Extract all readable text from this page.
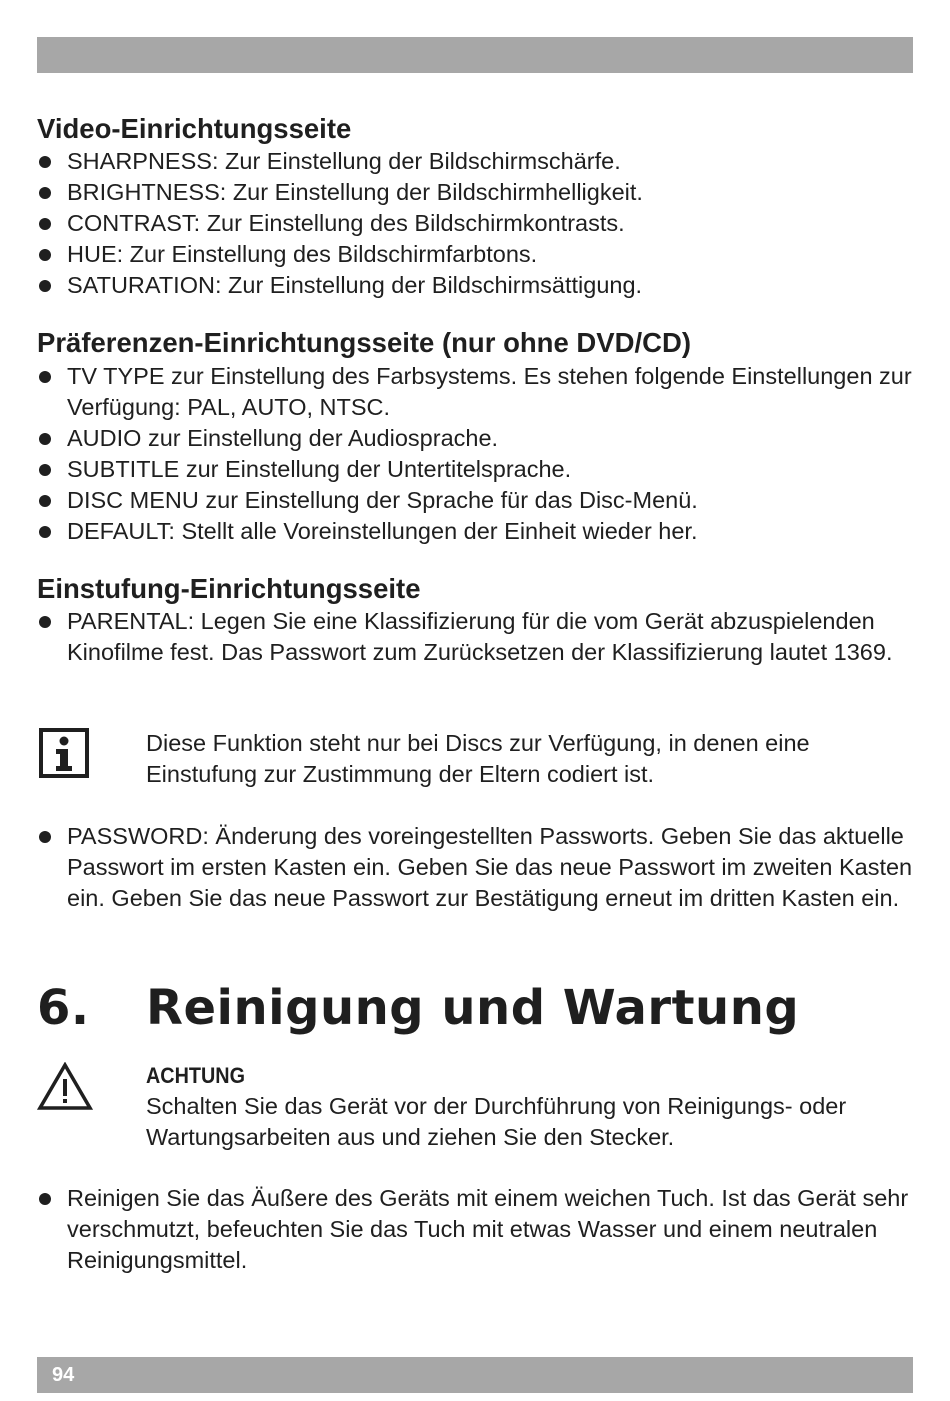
Video-Einrichtungsseite
SHARPNESS: Zur Einstellung der Bildschirmschärfe.
BRIGHTNESS: Zur Einstellung der Bildschirmhelligkeit.
CONTRAST: Zur Einstellung des Bildschirmkontrasts.
HUE: Zur Einstellung des Bildschirmfarbtons.
SATURATION: Zur Einstellung der Bildschirmsättigung.
Präferenzen-Einrichtungsseite (nur ohne DVD/CD)
TV TYPE zur Einstellung des Farbsystems. Es stehen folgende Einstellungen zur Verfügung: PAL, AUTO, NTSC.
AUDIO zur Einstellung der Audiosprache.
SUBTITLE zur Einstellung der Untertitelsprache.
DISC MENU zur Einstellung der Sprache für das Disc-Menü.
DEFAULT: Stellt alle Voreinstellungen der Einheit wieder her.
Einstufung-Einrichtungsseite
PARENTAL: Legen Sie eine Klassifizierung für die vom Gerät abzuspielenden Kinofilme fest. Das Passwort zum Zurücksetzen der Klassifizierung lautet 1369.
Diese Funktion steht nur bei Discs zur Verfügung, in denen eine Einstufung zur Zustimmung der Eltern codiert ist.
PASSWORD: Änderung des voreingestellten Passworts. Geben Sie das aktuelle Passwort im ersten Kasten ein. Geben Sie das neue Passwort im zweiten Kasten ein. Geben Sie das neue Passwort zur Bestätigung erneut im dritten Kasten ein.
6. Reinigung und Wartung
ACHTUNG
Schalten Sie das Gerät vor der Durchführung von Reinigungs- oder Wartungsarbeiten aus und ziehen Sie den Stecker.
Reinigen Sie das Äußere des Geräts mit einem weichen Tuch. Ist das Gerät sehr verschmutzt, befeuchten Sie das Tuch mit etwas Wasser und einem neutralen Reinigungsmittel.
94
